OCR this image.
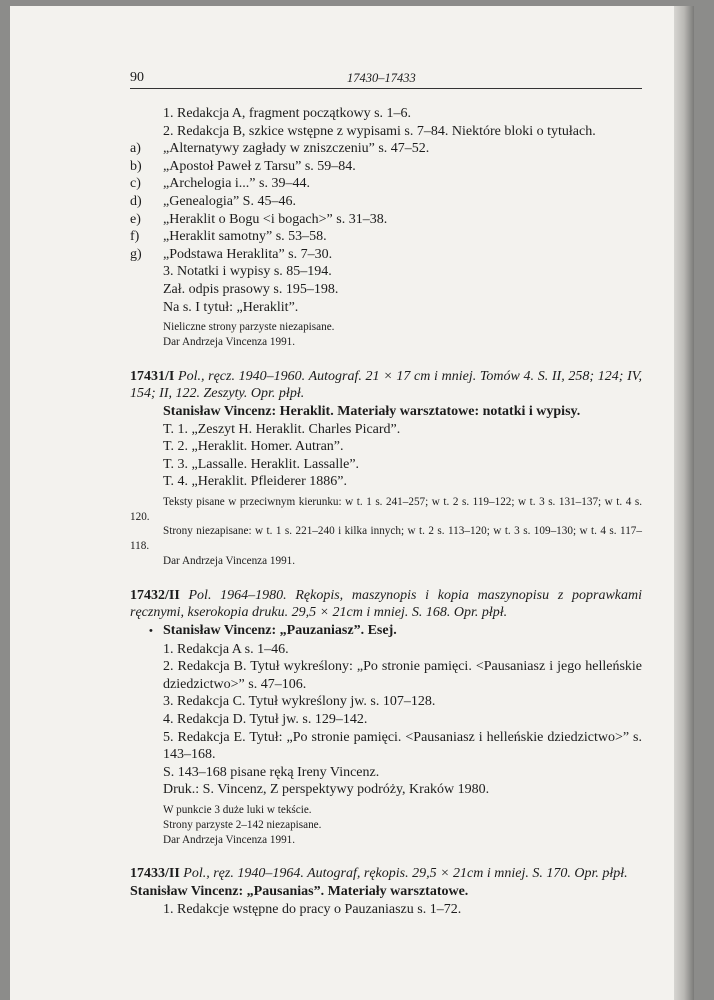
90	17430–17433
1. Redakcja A, fragment początkowy s. 1–6.
2. Redakcja B, szkice wstępne z wypisami s. 7–84. Niektóre bloki o tytułach.
a) „Alternatywy zagłady w zniszczeniu” s. 47–52.
b) „Apostoł Paweł z Tarsu” s. 59–84.
c) „Archelogia i...” s. 39–44.
d) „Genealogia” S. 45–46.
e) „Heraklit o Bogu <i bogach>” s. 31–38.
f) „Heraklit samotny” s. 53–58.
g) „Podstawa Heraklita” s. 7–30.
3. Notatki i wypisy s. 85–194.
Zał. odpis prasowy s. 195–198.
Na s. I tytuł: „Heraklit”.
Nieliczne strony parzyste niezapisane.
Dar Andrzeja Vincenza 1991.
17431/I Pol., ręcz. 1940–1960. Autograf. 21 × 17 cm i mniej. Tomów 4. S. II, 258; 124; IV, 154; II, 122. Zeszyty. Opr. płpł.
Stanisław Vincenz: Heraklit. Materiały warsztatowe: notatki i wypisy.
T. 1. „Zeszyt H. Heraklit. Charles Picard”.
T. 2. „Heraklit. Homer. Autran”.
T. 3. „Lassalle. Heraklit. Lassalle”.
T. 4. „Heraklit. Pfleiderer 1886”.
Teksty pisane w przeciwnym kierunku: w t. 1 s. 241–257; w t. 2 s. 119–122; w t. 3 s. 131–137; w t. 4 s. 120.
Strony niezapisane: w t. 1 s. 221–240 i kilka innych; w t. 2 s. 113–120; w t. 3 s. 109–130; w t. 4 s. 117–118.
Dar Andrzeja Vincenza 1991.
17432/II Pol. 1964–1980. Rękopis, maszynopis i kopia maszynopisu z poprawkami ręcznymi, kserokopia druku. 29,5 × 21cm i mniej. S. 168. Opr. płpł.
• Stanisław Vincenz: „Pauzaniasz”. Esej.
1. Redakcja A s. 1–46.
2. Redakcja B. Tytuł wykreślony: „Po stronie pamięci. <Pausaniasz i jego helleńskie dziedzictwo>” s. 47–106.
3. Redakcja C. Tytuł wykreślony jw. s. 107–128.
4. Redakcja D. Tytuł jw. s. 129–142.
5. Redakcja E. Tytuł: „Po stronie pamięci. <Pausaniasz i helleńskie dziedzictwo>” s. 143–168.
S. 143–168 pisane ręką Ireny Vincenz.
Druk.: S. Vincenz, Z perspektywy podróży, Kraków 1980.
W punkcie 3 duże luki w tekście.
Strony parzyste 2–142 niezapisane.
Dar Andrzeja Vincenza 1991.
17433/II Pol., ręz. 1940–1964. Autograf, rękopis. 29,5 × 21cm i mniej. S. 170. Opr. płpł.
Stanisław Vincenz: „Pausanias”. Materiały warsztatowe.
1. Redakcje wstępne do pracy o Pauzaniaszu s. 1–72.
